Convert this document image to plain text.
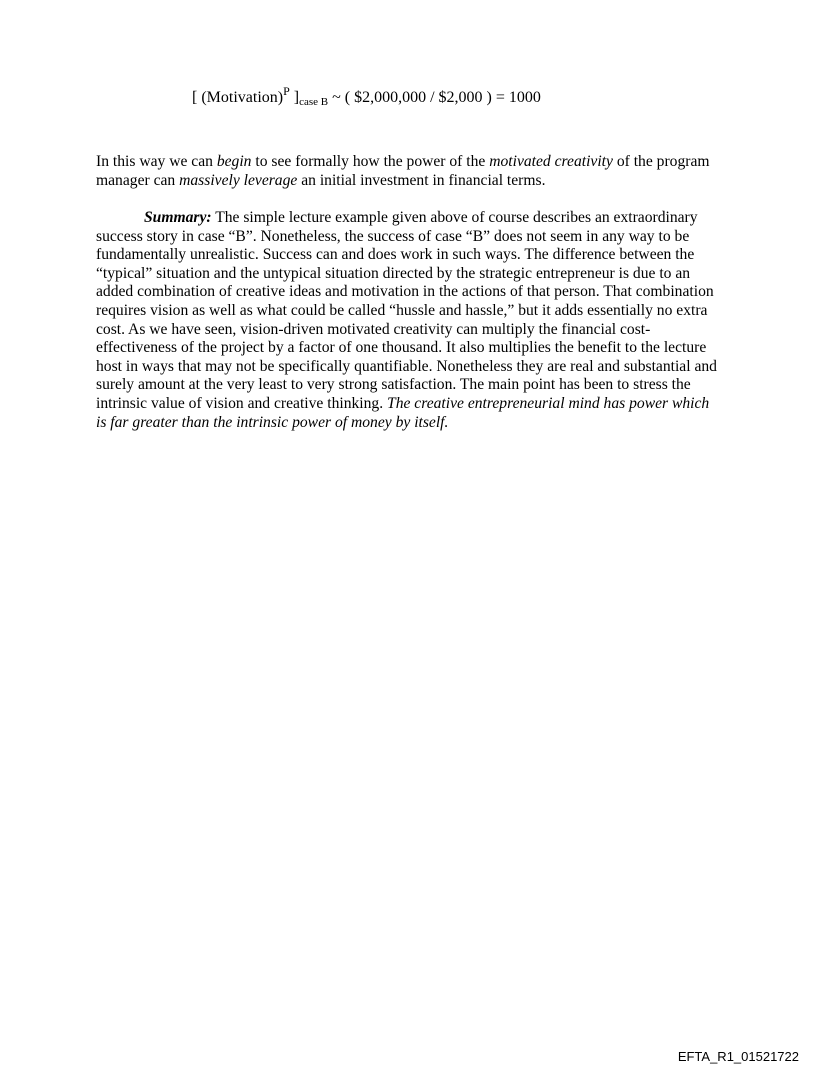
[ (Motivation)$^P$ ]$_{case B}$ ~ ( $2,000,000 / $2,000 ) = 1000

In this way we can begin to see formally how the power of the motivated creativity of the program manager can massively leverage an initial investment in financial terms.

Summary: The simple lecture example given above of course describes an extraordinary success story in case “B”. Nonetheless, the success of case “B” does not seem in any way to be fundamentally unrealistic. Success can and does work in such ways. The difference between the “typical” situation and the untypical situation directed by the strategic entrepreneur is due to an added combination of creative ideas and motivation in the actions of that person. That combination requires vision as well as what could be called “hussle and hassle,” but it adds essentially no extra cost. As we have seen, vision-driven motivated creativity can multiply the financial cost-effectiveness of the project by a factor of one thousand. It also multiplies the benefit to the lecture host in ways that may not be specifically quantifiable. Nonetheless they are real and substantial and surely amount at the very least to very strong satisfaction. The main point has been to stress the intrinsic value of vision and creative thinking. The creative entrepreneurial mind has power which is far greater than the intrinsic power of money by itself.

EFTA_R1_01521722
